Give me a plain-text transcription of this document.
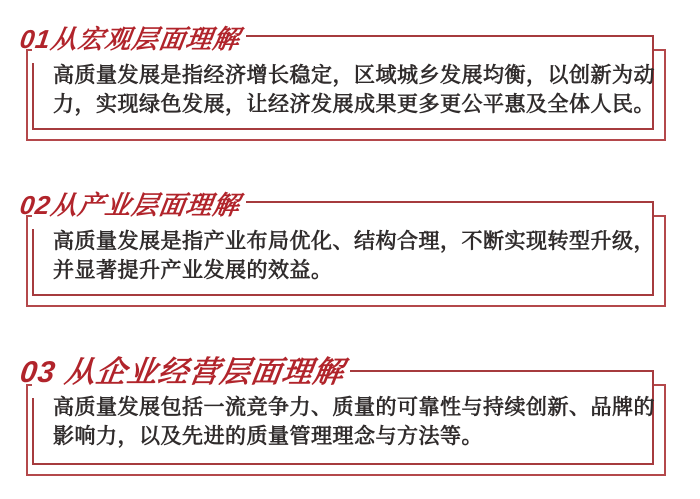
高质量发展是指经济增长稳定，区域城乡发展均衡，以创新为动
力，实现绿色发展，让经济发展成果更多更公平惠及全体人民。
01从宏观层面理解
高质量发展是指产业布局优化、结构合理，不断实现转型升级，
并显著提升产业发展的效益。
02从产业层面理解
高质量发展包括一流竞争力、质量的可靠性与持续创新、品牌的
影响力，以及先进的质量管理理念与方法等。
03 从企业经营层面理解
